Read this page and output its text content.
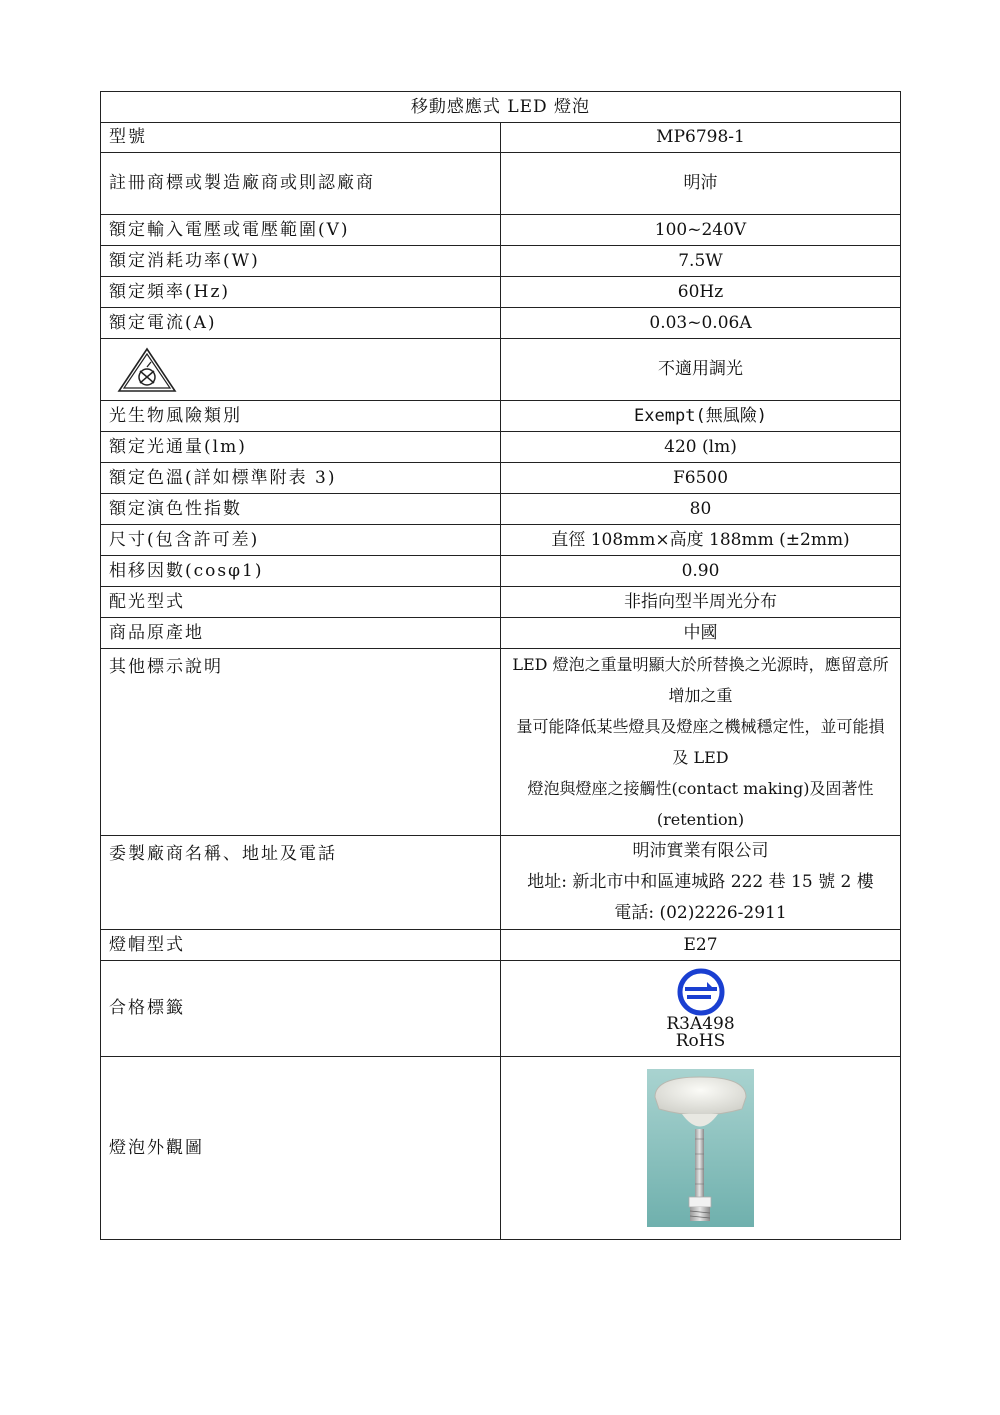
移動感應式 LED 燈泡	
型號	MP6798-1
註冊商標或製造廠商或則認廠商	明沛
額定輸入電壓或電壓範圍(V)	100~240V
額定消耗功率(W)	7.5W
額定頻率(Hz)	60Hz
額定電流(A)	0.03~0.06A

	不適用調光
光生物風險類別	Exempt(無風險)
額定光通量(lm)	420 (lm)
額定色溫(詳如標準附表 3)	F6500
額定演色性指數	80
尺寸(包含許可差)	直徑 108mm×高度 188mm (±2mm)
相移因數(cosφ1)	0.90
配光型式	非指向型半周光分布
商品原產地	中國
其他標示說明	LED 燈泡之重量明顯大於所替換之光源時，應留意所增加之重
量可能降低某些燈具及燈座之機械穩定性，並可能損及 LED
燈泡與燈座之接觸性(contact making)及固著性(retention)

委製廠商名稱、地址及電話	明沛實業有限公司
地址: 新北市中和區連城路 222 巷 15 號 2 樓
電話: (02)2226-2911

燈帽型式	E27
合格標籤	R3A498
RoHS

燈泡外觀圖	
